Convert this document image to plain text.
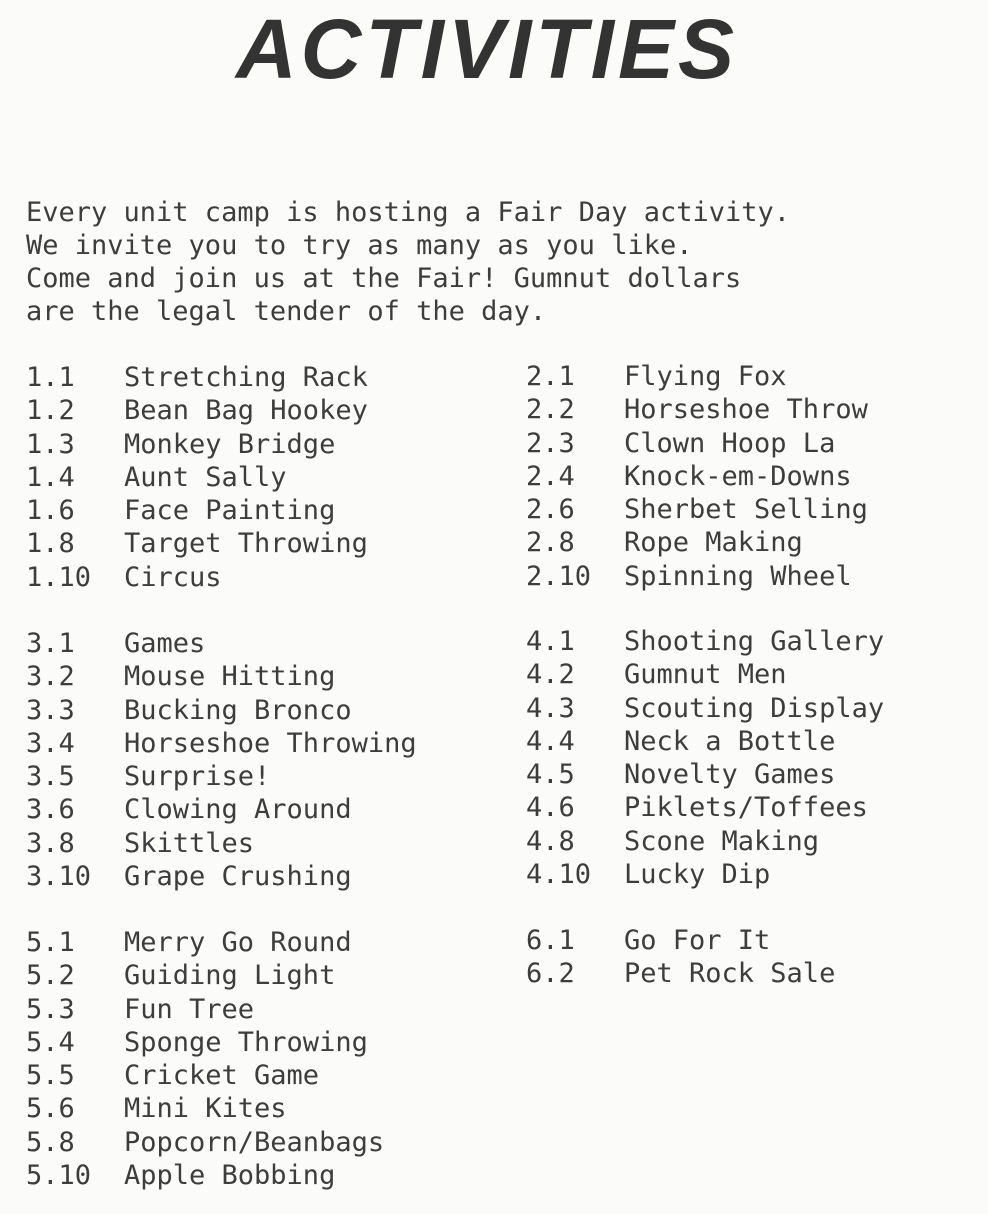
ACTIVITIES

Every unit camp is hosting a Fair Day activity.
We invite you to try as many as you like.
Come and join us at the Fair! Gumnut dollars
are the legal tender of the day.

1.1 Stretching Rack
1.2 Bean Bag Hookey
1.3 Monkey Bridge
1.4 Aunt Sally
1.6 Face Painting
1.8 Target Throwing
1.10 Circus
2.1 Flying Fox
2.2 Horseshoe Throw
2.3 Clown Hoop La
2.4 Knock-em-Downs
2.6 Sherbet Selling
2.8 Rope Making
2.10 Spinning Wheel
3.1 Games
3.2 Mouse Hitting
3.3 Bucking Bronco
3.4 Horseshoe Throwing
3.5 Surprise!
3.6 Clowing Around
3.8 Skittles
3.10 Grape Crushing
4.1 Shooting Gallery
4.2 Gumnut Men
4.3 Scouting Display
4.4 Neck a Bottle
4.5 Novelty Games
4.6 Piklets/Toffees
4.8 Scone Making
4.10 Lucky Dip
5.1 Merry Go Round
5.2 Guiding Light
5.3 Fun Tree
5.4 Sponge Throwing
5.5 Cricket Game
5.6 Mini Kites
5.8 Popcorn/Beanbags
5.10 Apple Bobbing
6.1 Go For It
6.2 Pet Rock Sale
